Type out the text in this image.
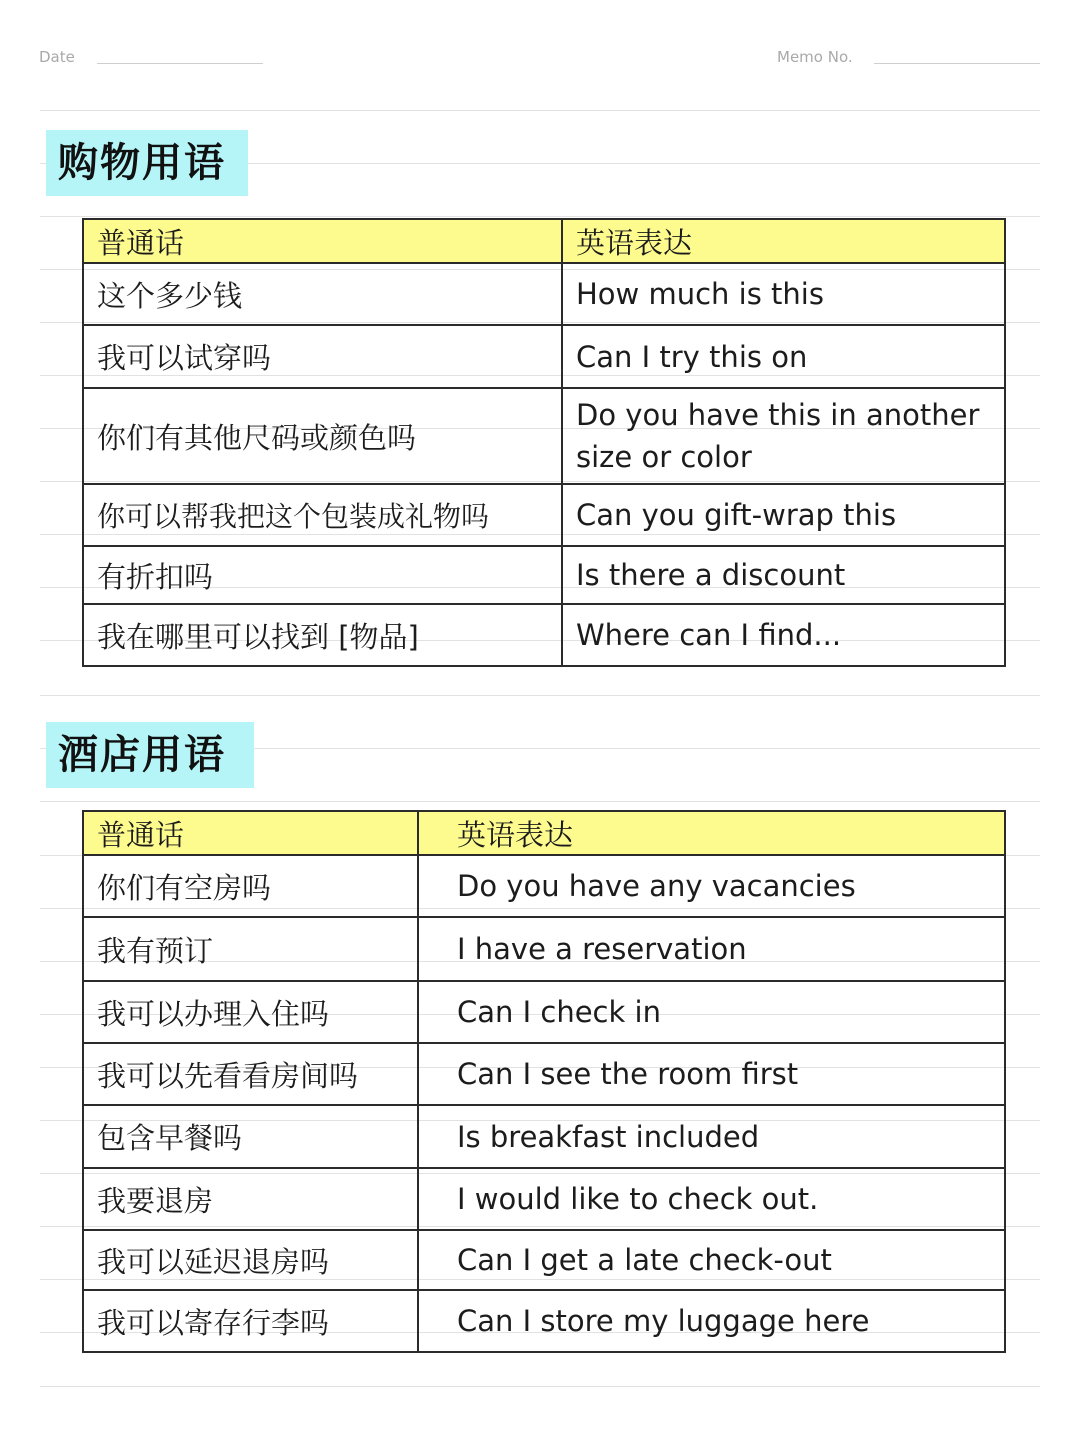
Date	Memo No.
购物用语
普通话	英语表达
这个多少钱	How much is this
我可以试穿吗	Can I try this on
你们有其他尺码或颜色吗	Do you have this in another size or color
你可以帮我把这个包装成礼物吗	Can you gift-wrap this
有折扣吗	Is there a discount
我在哪里可以找到 [物品]	Where can I find...
酒店用语
普通话	英语表达
你们有空房吗	Do you have any vacancies
我有预订	I have a reservation
我可以办理入住吗	Can I check in
我可以先看看房间吗	Can I see the room first
包含早餐吗	Is breakfast included
我要退房	I would like to check out.
我可以延迟退房吗	Can I get a late check-out
我可以寄存行李吗	Can I store my luggage here
